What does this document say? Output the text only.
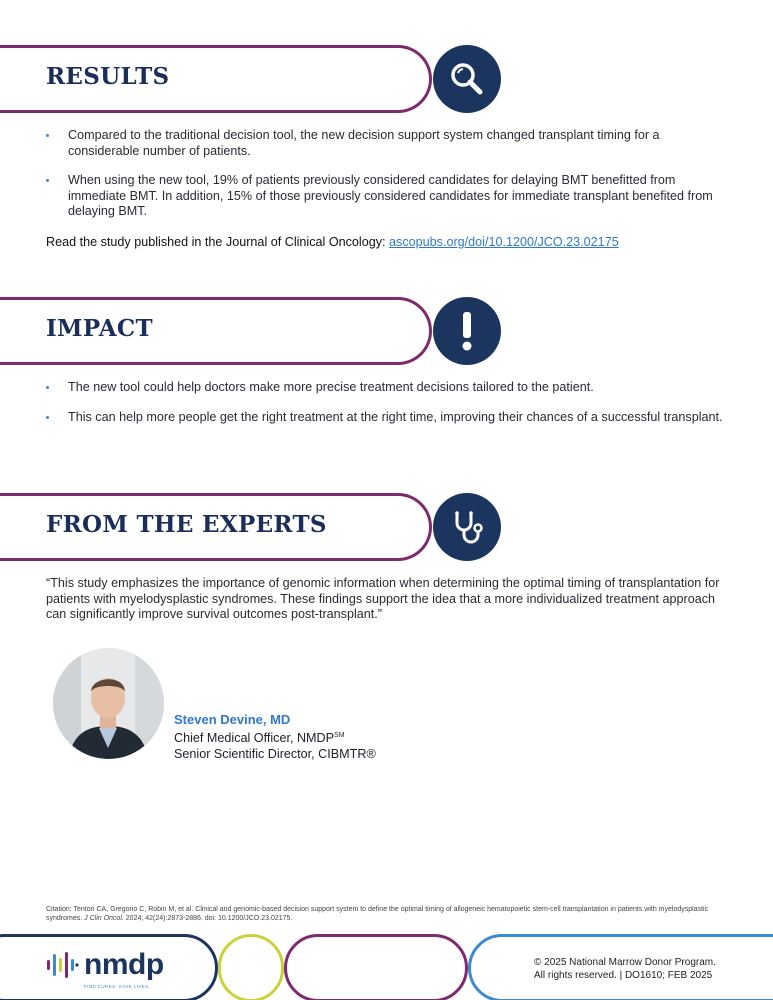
RESULTS
Compared to the traditional decision tool, the new decision support system changed transplant timing for a considerable number of patients.
When using the new tool, 19% of patients previously considered candidates for delaying BMT benefitted from immediate BMT. In addition, 15% of those previously considered candidates for immediate transplant benefited from delaying BMT.
Read the study published in the Journal of Clinical Oncology: ascopubs.org/doi/10.1200/JCO.23.02175
IMPACT
The new tool could help doctors make more precise treatment decisions tailored to the patient.
This can help more people get the right treatment at the right time, improving their chances of a successful transplant.
FROM THE EXPERTS
“This study emphasizes the importance of genomic information when determining the optimal timing of transplantation for patients with myelodysplastic syndromes. These findings support the idea that a more individualized treatment approach can significantly improve survival outcomes post-transplant.”
Steven Devine, MD
Chief Medical Officer, NMDP℠
Senior Scientific Director, CIBMTR®
Citation: Tentori CA, Gregorio C, Robin M, et al. Clinical and genomic-based decision support system to define the optimal timing of allogeneic hematopoietic stem-cell transplantation in patients with myelodysplastic syndromes. J Clin Oncol. 2024; 42(24):2873-2886. doi: 10.1200/JCO.23.02175.
nmdp
FIND CURES. SAVE LIVES.
© 2025 National Marrow Donor Program.
All rights reserved. | DO1610; FEB 2025
